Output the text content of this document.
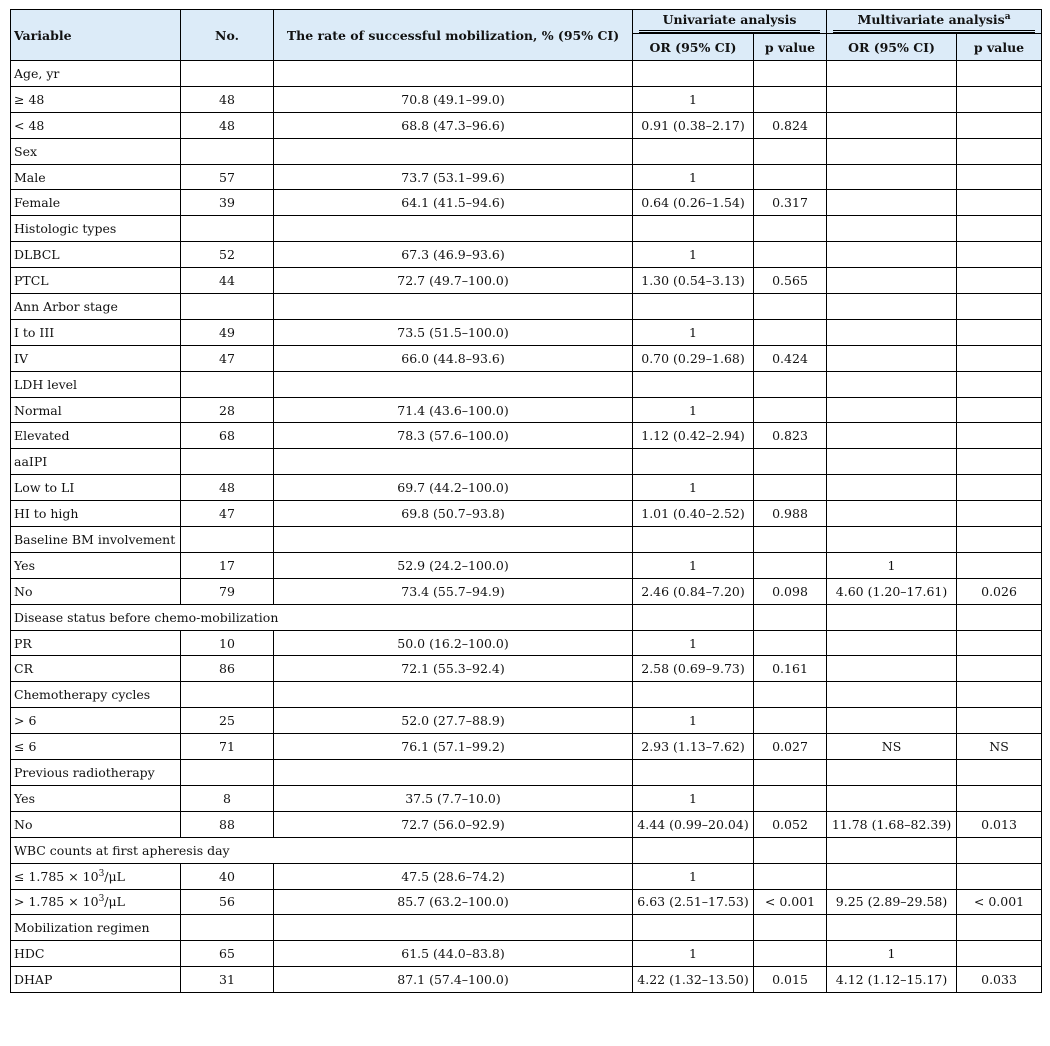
Variable	No.	The rate of successful mobilization, % (95% CI)	Univariate analysis		Multivariate analysis$^a$

			OR (95% CI)	p value	OR (95% CI)	p value
Age, yr						
≥ 48	48	70.8 (49.1–99.0)	1			
< 48	48	68.8 (47.3–96.6)	0.91 (0.38–2.17)	0.824		
Sex						
Male	57	73.7 (53.1–99.6)	1			
Female	39	64.1 (41.5–94.6)	0.64 (0.26–1.54)	0.317		
Histologic types						
DLBCL	52	67.3 (46.9–93.6)	1			
PTCL	44	72.7 (49.7–100.0)	1.30 (0.54–3.13)	0.565		
Ann Arbor stage						
I to III	49	73.5 (51.5–100.0)	1			
IV	47	66.0 (44.8–93.6)	0.70 (0.29–1.68)	0.424		
LDH level						
Normal	28	71.4 (43.6–100.0)	1			
Elevated	68	78.3 (57.6–100.0)	1.12 (0.42–2.94)	0.823		
aaIPI						
Low to LI	48	69.7 (44.2–100.0)	1			
HI to high	47	69.8 (50.7–93.8)	1.01 (0.40–2.52)	0.988		
Baseline BM involvement						
Yes	17	52.9 (24.2–100.0)	1		1	
No	79	73.4 (55.7–94.9)	2.46 (0.84–7.20)	0.098	4.60 (1.20–17.61)	0.026
Disease status before chemo-mobilization						
PR	10	50.0 (16.2–100.0)	1			
CR	86	72.1 (55.3–92.4)	2.58 (0.69–9.73)	0.161		
Chemotherapy cycles						
> 6	25	52.0 (27.7–88.9)	1			
≤ 6	71	76.1 (57.1–99.2)	2.93 (1.13–7.62)	0.027	NS	NS
Previous radiotherapy						
Yes	8	37.5 (7.7–10.0)	1			
No	88	72.7 (56.0–92.9)	4.44 (0.99–20.04)	0.052	11.78 (1.68–82.39)	0.013
WBC counts at first apheresis day						
≤ $1.785 \times 10^3/\mu L$	40	47.5 (28.6–74.2)	1			
> $1.785 \times 10^3/\mu L$	56	85.7 (63.2–100.0)	6.63 (2.51–17.53)	< 0.001	9.25 (2.89–29.58)	< 0.001
Mobilization regimen						
HDC	65	61.5 (44.0–83.8)	1		1	
DHAP	31	87.1 (57.4–100.0)	4.22 (1.32–13.50)	0.015	4.12 (1.12–15.17)	0.033
